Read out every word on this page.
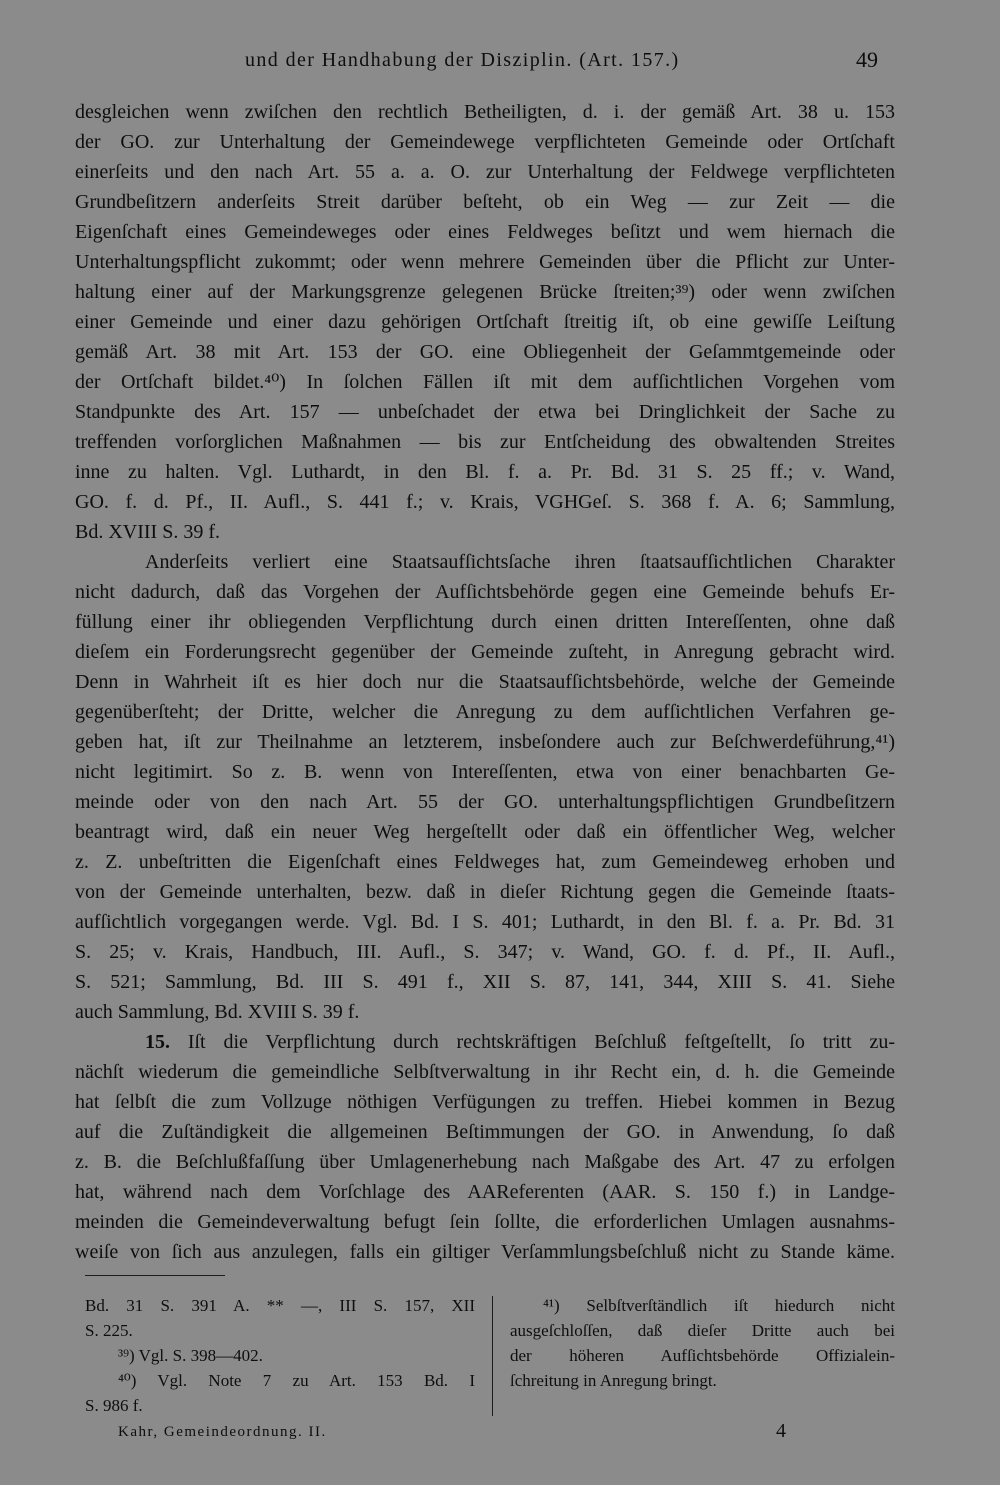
und der Handhabung der Disziplin. (Art. 157.)	49
desgleichen wenn zwiſchen den rechtlich Betheiligten, d. i. der gemäß Art. 38 u. 153
der GO. zur Unterhaltung der Gemeindewege verpflichteten Gemeinde oder Ortſchaft
einerſeits und den nach Art. 55 a. a. O. zur Unterhaltung der Feldwege verpflichteten
Grundbeſitzern anderſeits Streit darüber beſteht, ob ein Weg — zur Zeit — die
Eigenſchaft eines Gemeindeweges oder eines Feldweges beſitzt und wem hiernach die
Unterhaltungspflicht zukommt; oder wenn mehrere Gemeinden über die Pflicht zur Unter-
haltung einer auf der Markungsgrenze gelegenen Brücke ſtreiten;³⁹) oder wenn zwiſchen
einer Gemeinde und einer dazu gehörigen Ortſchaft ſtreitig iſt, ob eine gewiſſe Leiſtung
gemäß Art. 38 mit Art. 153 der GO. eine Obliegenheit der Geſammtgemeinde oder
der Ortſchaft bildet.⁴⁰) In ſolchen Fällen iſt mit dem aufſichtlichen Vorgehen vom
Standpunkte des Art. 157 — unbeſchadet der etwa bei Dringlichkeit der Sache zu
treffenden vorſorglichen Maßnahmen — bis zur Entſcheidung des obwaltenden Streites
inne zu halten. Vgl. Luthardt, in den Bl. f. a. Pr. Bd. 31 S. 25 ff.; v. Wand,
GO. f. d. Pf., II. Aufl., S. 441 f.; v. Krais, VGHGeſ. S. 368 f. A. 6; Sammlung,
Bd. XVIII S. 39 f.
Anderſeits verliert eine Staatsaufſichtsſache ihren ſtaatsaufſichtlichen Charakter
nicht dadurch, daß das Vorgehen der Aufſichtsbehörde gegen eine Gemeinde behufs Er-
füllung einer ihr obliegenden Verpflichtung durch einen dritten Intereſſenten, ohne daß
dieſem ein Forderungsrecht gegenüber der Gemeinde zuſteht, in Anregung gebracht wird.
Denn in Wahrheit iſt es hier doch nur die Staatsaufſichtsbehörde, welche der Gemeinde
gegenüberſteht; der Dritte, welcher die Anregung zu dem aufſichtlichen Verfahren ge-
geben hat, iſt zur Theilnahme an letzterem, insbeſondere auch zur Beſchwerdeführung,⁴¹)
nicht legitimirt. So z. B. wenn von Intereſſenten, etwa von einer benachbarten Ge-
meinde oder von den nach Art. 55 der GO. unterhaltungspflichtigen Grundbeſitzern
beantragt wird, daß ein neuer Weg hergeſtellt oder daß ein öffentlicher Weg, welcher
z. Z. unbeſtritten die Eigenſchaft eines Feldweges hat, zum Gemeindeweg erhoben und
von der Gemeinde unterhalten, bezw. daß in dieſer Richtung gegen die Gemeinde ſtaats-
aufſichtlich vorgegangen werde. Vgl. Bd. I S. 401; Luthardt, in den Bl. f. a. Pr. Bd. 31
S. 25; v. Krais, Handbuch, III. Aufl., S. 347; v. Wand, GO. f. d. Pf., II. Aufl.,
S. 521; Sammlung, Bd. III S. 491 f., XII S. 87, 141, 344, XIII S. 41. Siehe
auch Sammlung, Bd. XVIII S. 39 f.
15. Iſt die Verpflichtung durch rechtskräftigen Beſchluß feſtgeſtellt, ſo tritt zu-
nächſt wiederum die gemeindliche Selbſtverwaltung in ihr Recht ein, d. h. die Gemeinde
hat ſelbſt die zum Vollzuge nöthigen Verfügungen zu treffen. Hiebei kommen in Bezug
auf die Zuſtändigkeit die allgemeinen Beſtimmungen der GO. in Anwendung, ſo daß
z. B. die Beſchlußfaſſung über Umlagenerhebung nach Maßgabe des Art. 47 zu erfolgen
hat, während nach dem Vorſchlage des AAReferenten (AAR. S. 150 f.) in Landge-
meinden die Gemeindeverwaltung befugt ſein ſollte, die erforderlichen Umlagen ausnahms-
weiſe von ſich aus anzulegen, falls ein giltiger Verſammlungsbeſchluß nicht zu Stande käme.
Bd. 31 S. 391 A. ** —, III S. 157, XII
S. 225.
³⁹) Vgl. S. 398—402.
⁴⁰) Vgl. Note 7 zu Art. 153 Bd. I
S. 986 f.
⁴¹) Selbſtverſtändlich iſt hiedurch nicht
ausgeſchloſſen, daß dieſer Dritte auch bei
der höheren Aufſichtsbehörde Offizialein-
ſchreitung in Anregung bringt.
Kahr, Gemeindeordnung. II.	4
